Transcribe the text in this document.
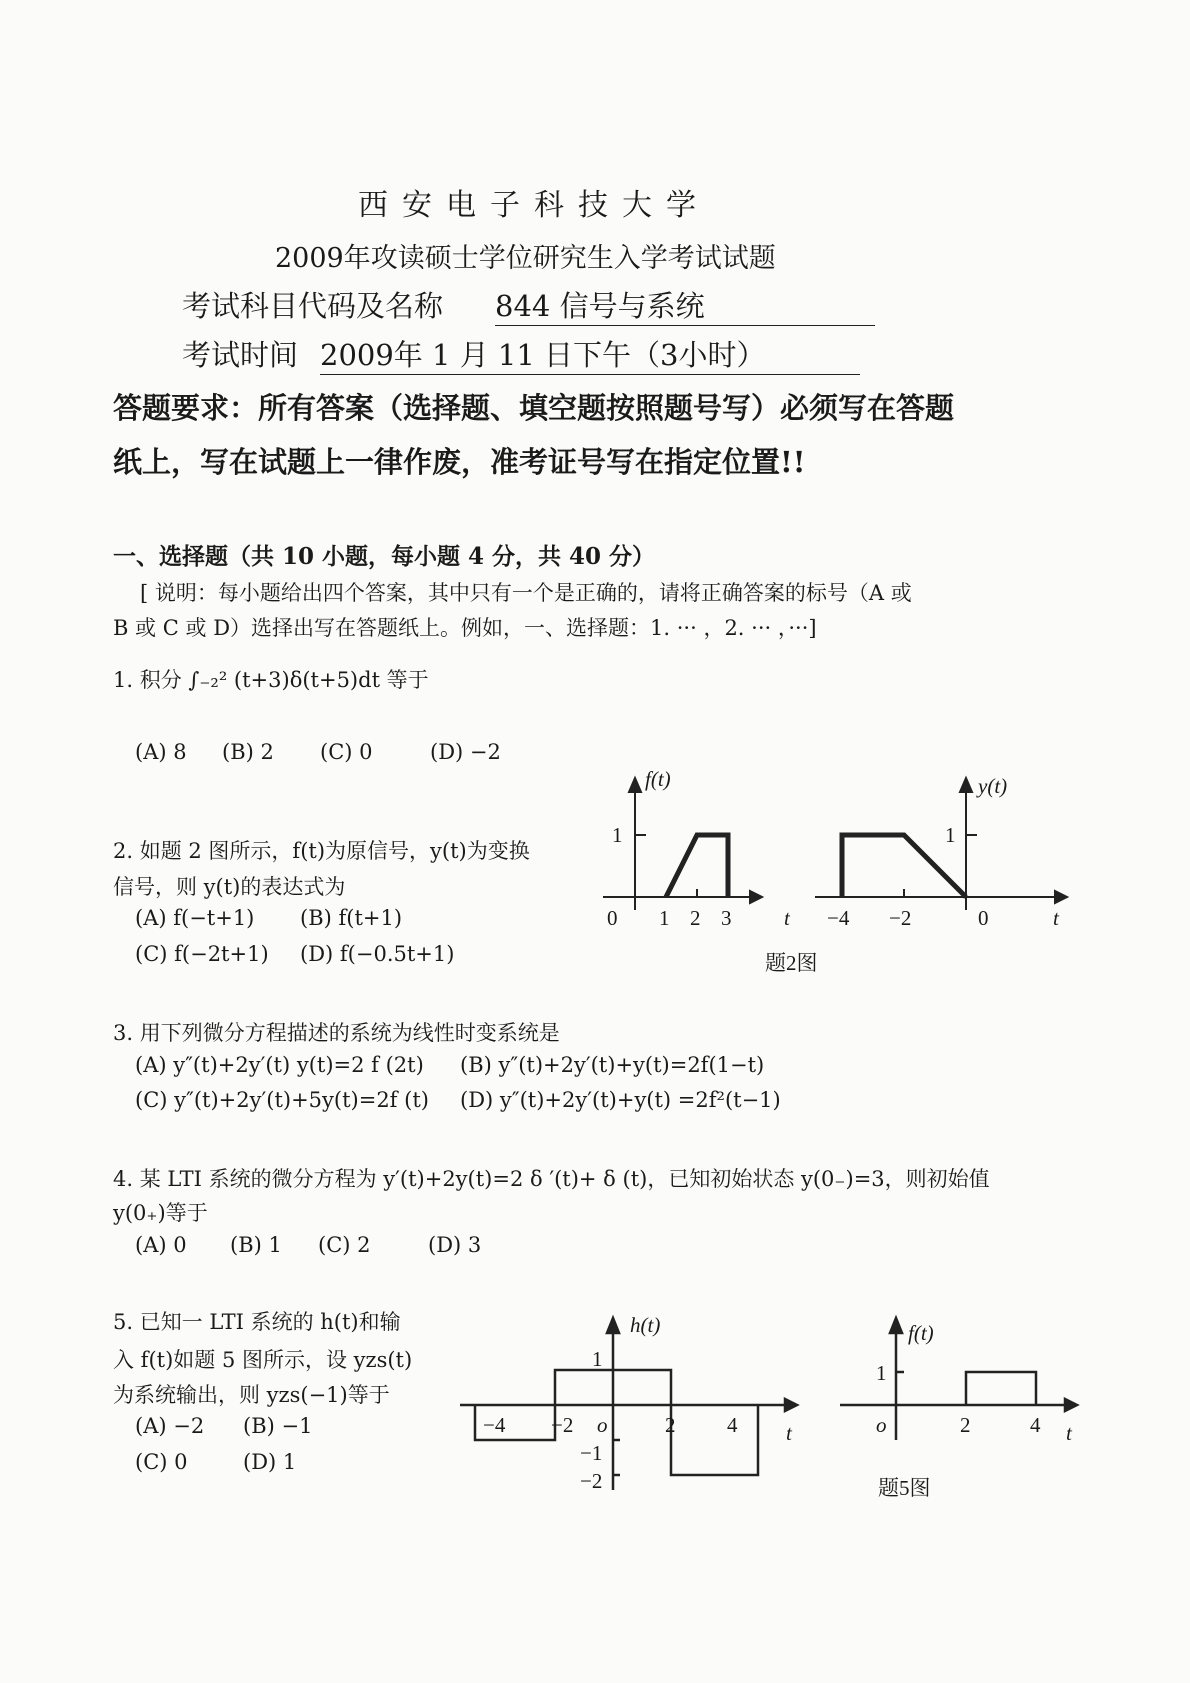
西安电子科技大学
2009年攻读硕士学位研究生入学考试试题
考试科目代码及名称 844 信号与系统
考试时间 2009年 1 月 11 日下午（3小时）
答题要求：所有答案（选择题、填空题按照题号写）必须写在答题
纸上，写在试题上一律作废，准考证号写在指定位置!!
一、选择题（共 10 小题，每小题 4 分，共 40 分）
[ 说明：每小题给出四个答案，其中只有一个是正确的，请将正确答案的标号（A 或
B 或 C 或 D）选择出写在答题纸上。例如，一、选择题：1. ··· ，2. ··· ，···]
1. 积分 ∫₋₂² (t+3)δ(t+5)dt 等于
(A) 8 (B) 2 (C) 0	(D) −2
2. 如题 2 图所示，f(t)为原信号，y(t)为变换
信号，则 y(t)的表达式为
(A) f(−t+1) (B) f(t+1)
(C) f(−2t+1) (D) f(−0.5t+1)
f(t)
1
0 1 2 3	t
y(t)
1
−4 −2	0	t
题2图
3. 用下列微分方程描述的系统为线性时变系统是
(A) y″(t)+2y′(t) y(t)=2 f (2t) (B) y″(t)+2y′(t)+y(t)=2f(1−t)
(C) y″(t)+2y′(t)+5y(t)=2f (t) (D) y″(t)+2y′(t)+y(t) =2f²(t−1)
4. 某 LTI 系统的微分方程为 y′(t)+2y(t)=2 δ ′(t)+ δ (t)，已知初始状态 y(0₋)=3，则初始值
y(0₊)等于
(A) 0 (B) 1 (C) 2	(D) 3
5. 已知一 LTI 系统的 h(t)和输
入 f(t)如题 5 图所示，设 yzs(t)
为系统输出，则 yzs(−1)等于
(A) −2 (B) −1
(C) 0	(D) 1
h(t)
1
−1
−2
−4 −2 o	2 4 t
f(t)
1
o	2	4 t
题5图
